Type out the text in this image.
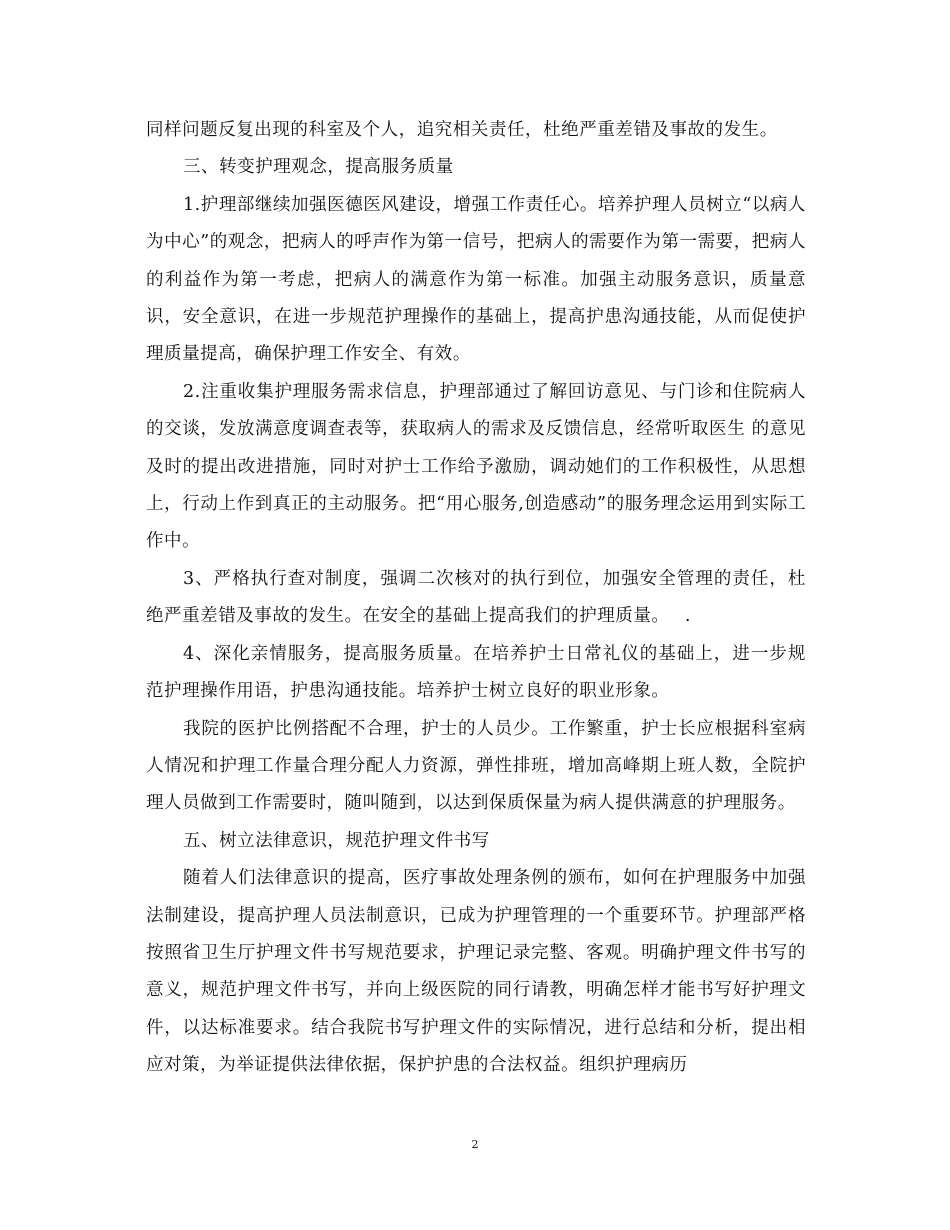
同样问题反复出现的科室及个人，追究相关责任，杜绝严重差错及事故的发生。

三、转变护理观念，提高服务质量

1.护理部继续加强医德医风建设，增强工作责任心。培养护理人员树立“以病人为中心”的观念，把病人的呼声作为第一信号，把病人的需要作为第一需要，把病人的利益作为第一考虑，把病人的满意作为第一标准。加强主动服务意识，质量意识，安全意识，在进一步规范护理操作的基础上，提高护患沟通技能，从而促使护理质量提高，确保护理工作安全、有效。

2.注重收集护理服务需求信息，护理部通过了解回访意见、与门诊和住院病人的交谈，发放满意度调查表等，获取病人的需求及反馈信息，经常听取医生 的意见及时的提出改进措施，同时对护士工作给予激励，调动她们的工作积极性，从思想上，行动上作到真正的主动服务。把“用心服务,创造感动”的服务理念运用到实际工作中。

3、严格执行查对制度，强调二次核对的执行到位，加强安全管理的责任，杜绝严重差错及事故的发生。在安全的基础上提高我们的护理质量。　 .

4、深化亲情服务，提高服务质量。在培养护士日常礼仪的基础上，进一步规范护理操作用语，护患沟通技能。培养护士树立良好的职业形象。

我院的医护比例搭配不合理，护士的人员少。工作繁重，护士长应根据科室病人情况和护理工作量合理分配人力资源，弹性排班，增加高峰期上班人数，全院护理人员做到工作需要时，随叫随到，以达到保质保量为病人提供满意的护理服务。

五、树立法律意识，规范护理文件书写

随着人们法律意识的提高，医疗事故处理条例的颁布，如何在护理服务中加强法制建设，提高护理人员法制意识，已成为护理管理的一个重要环节。护理部严格按照省卫生厅护理文件书写规范要求，护理记录完整、客观。明确护理文件书写的意义，规范护理文件书写，并向上级医院的同行请教，明确怎样才能书写好护理文件，以达标准要求。结合我院书写护理文件的实际情况，进行总结和分析，提出相应对策，为举证提供法律依据，保护护患的合法权益。组织护理病历

2
